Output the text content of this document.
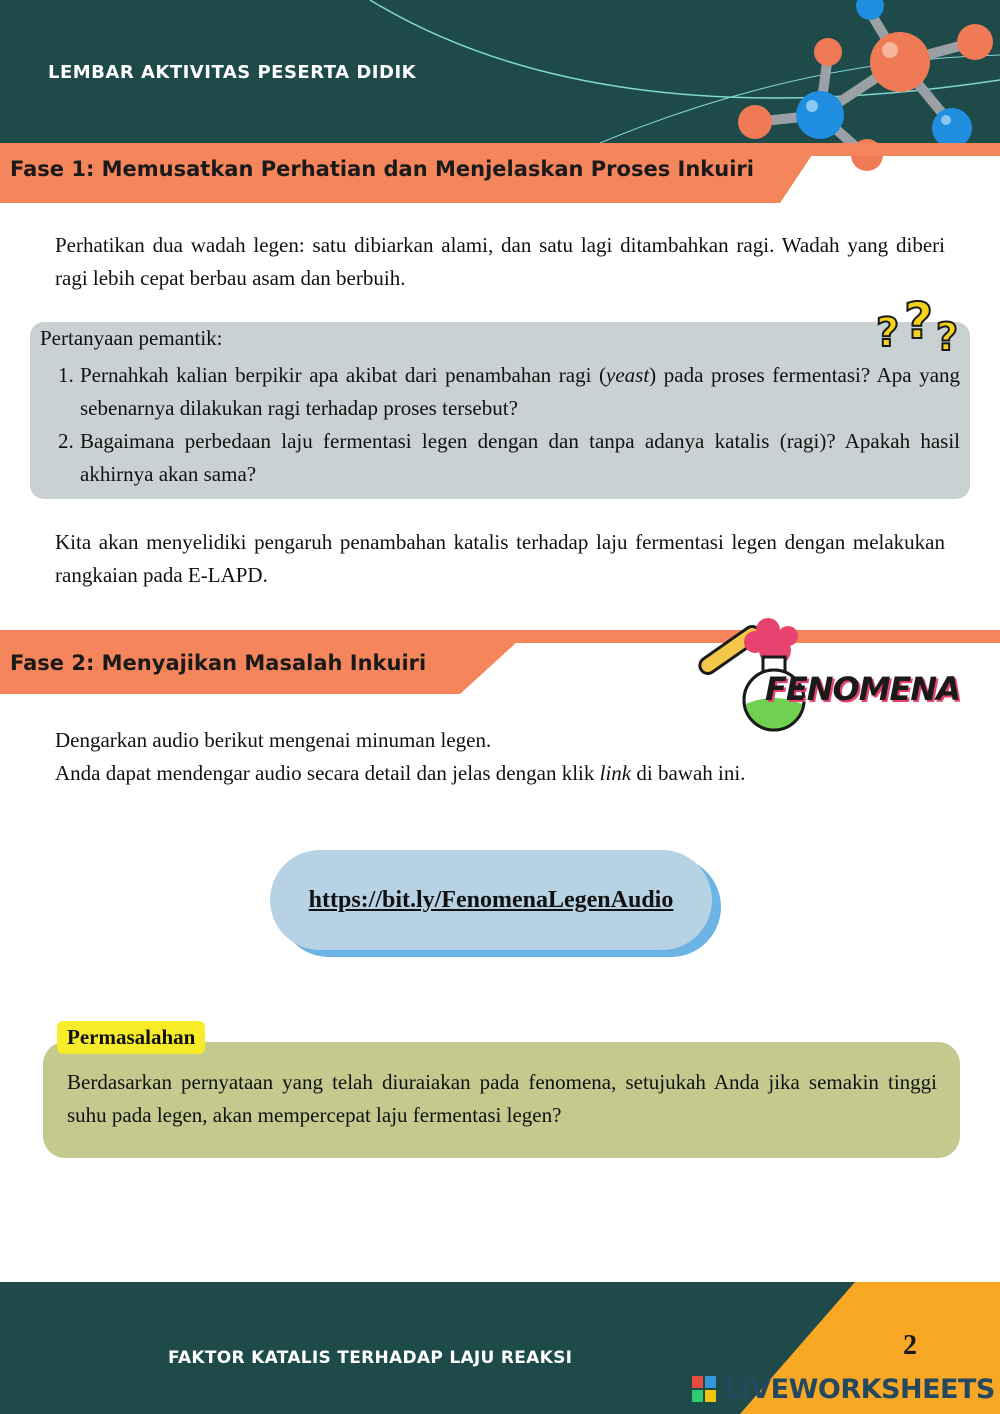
LEMBAR AKTIVITAS PESERTA DIDIK
Fase 1: Memusatkan Perhatian dan Menjelaskan Proses Inkuiri
Perhatikan dua wadah legen: satu dibiarkan alami, dan satu lagi ditambahkan ragi. Wadah yang diberi ragi lebih cepat berbau asam dan berbuih.
Pertanyaan pemantik:
1. Pernahkah kalian berpikir apa akibat dari penambahan ragi (yeast) pada proses fermentasi? Apa yang sebenarnya dilakukan ragi terhadap proses tersebut?
2. Bagaimana perbedaan laju fermentasi legen dengan dan tanpa adanya katalis (ragi)? Apakah hasil akhirnya akan sama?
? ? ?
Kita akan menyelidiki pengaruh penambahan katalis terhadap laju fermentasi legen dengan melakukan rangkaian pada E-LAPD.
Fase 2: Menyajikan Masalah Inkuiri
FENOMENA
Dengarkan audio berikut mengenai minuman legen.
Anda dapat mendengar audio secara detail dan jelas dengan klik link di bawah ini.
https://bit.ly/FenomenaLegenAudio
Berdasarkan pernyataan yang telah diuraiakan pada fenomena, setujukah Anda jika semakin tinggi suhu pada legen, akan mempercepat laju fermentasi legen?
Permasalahan
FAKTOR KATALIS TERHADAP LAJU REAKSI	2
LIVEWORKSHEETS
